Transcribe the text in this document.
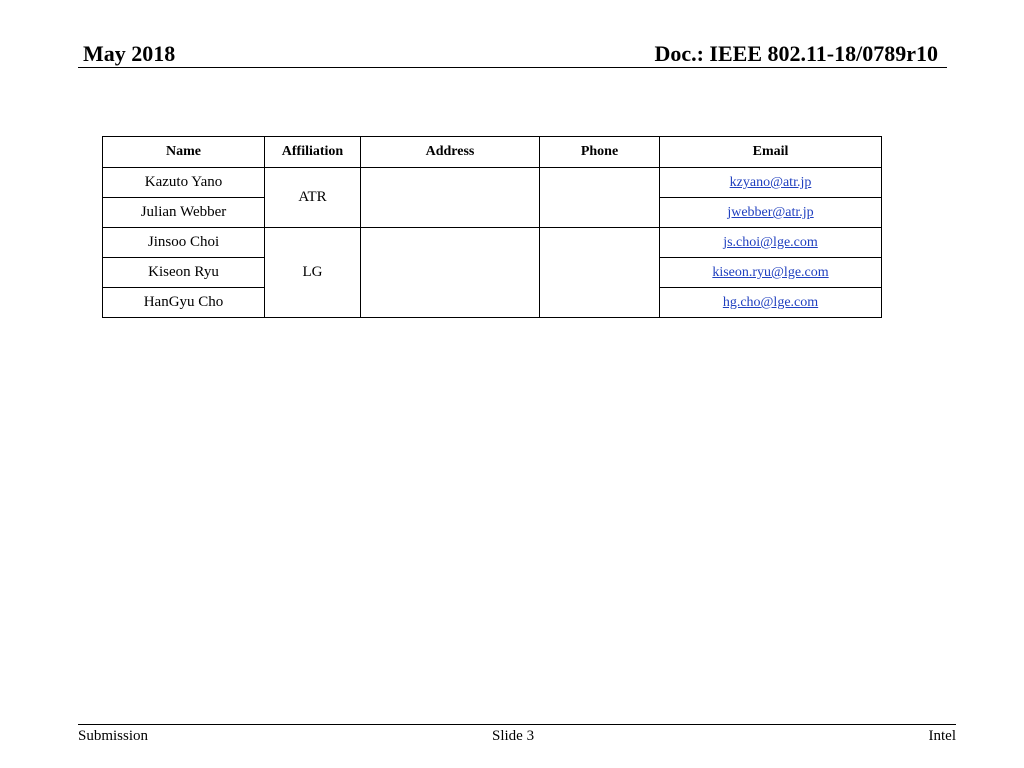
May 2018	Doc.: IEEE 802.11-18/0789r10
Name	Affiliation	Address	Phone	Email
Kazuto Yano	ATR			kzyano@atr.jp
Julian Webber				jwebber@atr.jp
Jinsoo Choi	LG			js.choi@lge.com
Kiseon Ryu				kiseon.ryu@lge.com
HanGyu Cho				hg.cho@lge.com
Submission	Slide 3	Intel
